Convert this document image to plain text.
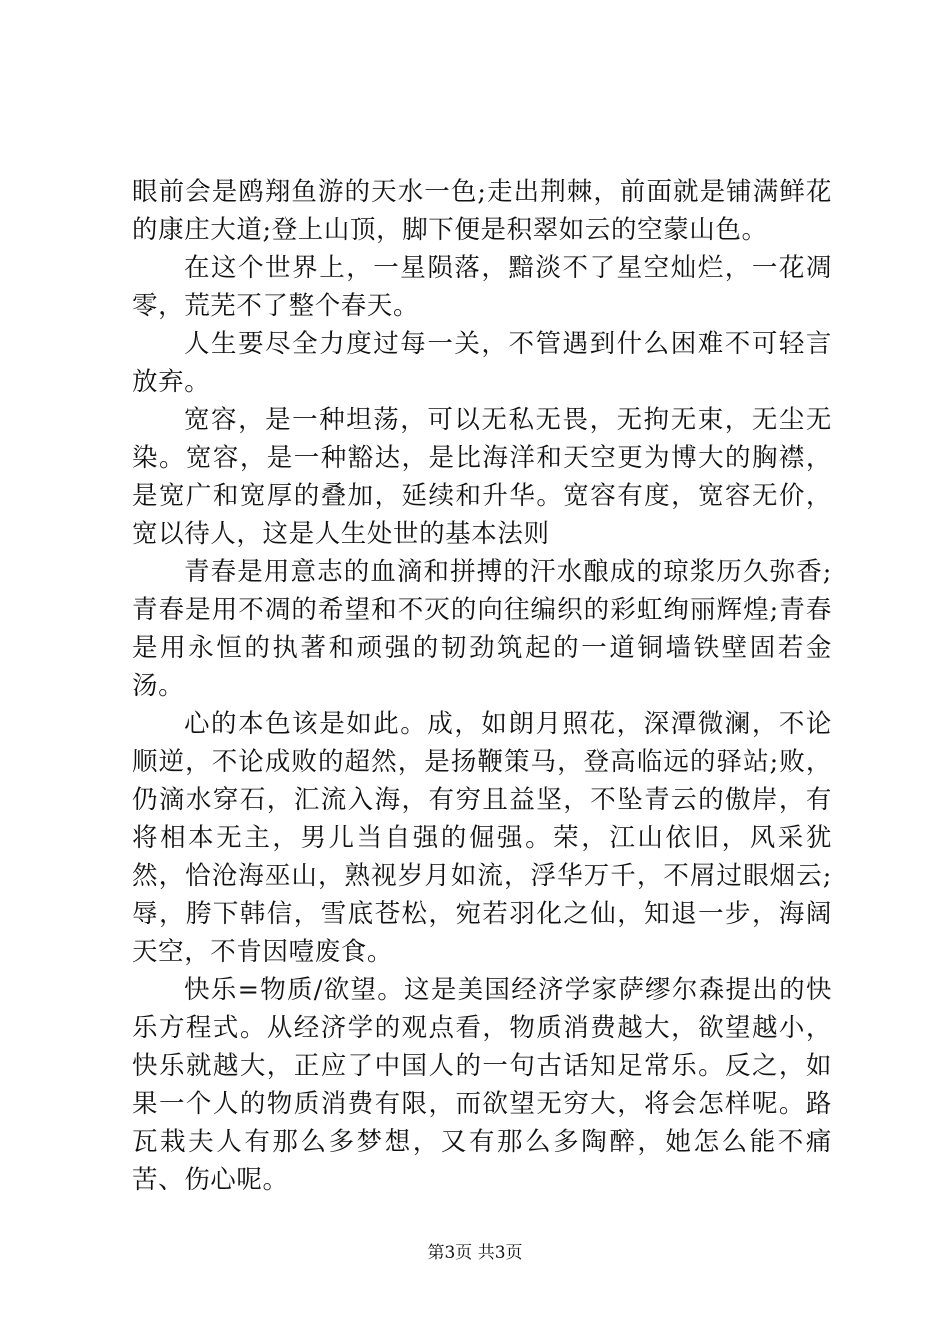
眼前会是鸥翔鱼游的天水一色;走出荆棘，前面就是铺满鲜花的康庄大道;登上山顶，脚下便是积翠如云的空蒙山色。

在这个世界上，一星陨落，黯淡不了星空灿烂，一花凋零，荒芜不了整个春天。

人生要尽全力度过每一关，不管遇到什么困难不可轻言放弃。

宽容，是一种坦荡，可以无私无畏，无拘无束，无尘无染。宽容，是一种豁达，是比海洋和天空更为博大的胸襟，是宽广和宽厚的叠加，延续和升华。宽容有度，宽容无价，宽以待人，这是人生处世的基本法则

青春是用意志的血滴和拼搏的汗水酿成的琼浆历久弥香;青春是用不凋的希望和不灭的向往编织的彩虹绚丽辉煌;青春是用永恒的执著和顽强的韧劲筑起的一道铜墙铁壁固若金汤。

心的本色该是如此。成，如朗月照花，深潭微澜，不论顺逆，不论成败的超然，是扬鞭策马，登高临远的驿站;败，仍滴水穿石，汇流入海，有穷且益坚，不坠青云的傲岸，有将相本无主，男儿当自强的倔强。荣，江山依旧，风采犹然，恰沧海巫山，熟视岁月如流，浮华万千，不屑过眼烟云;辱，胯下韩信，雪底苍松，宛若羽化之仙，知退一步，海阔天空，不肯因噎废食。

快乐=物质/欲望。这是美国经济学家萨缪尔森提出的快乐方程式。从经济学的观点看，物质消费越大，欲望越小，快乐就越大，正应了中国人的一句古话知足常乐。反之，如果一个人的物质消费有限，而欲望无穷大，将会怎样呢。路瓦栽夫人有那么多梦想，又有那么多陶醉，她怎么能不痛苦、伤心呢。

第3页 共3页
